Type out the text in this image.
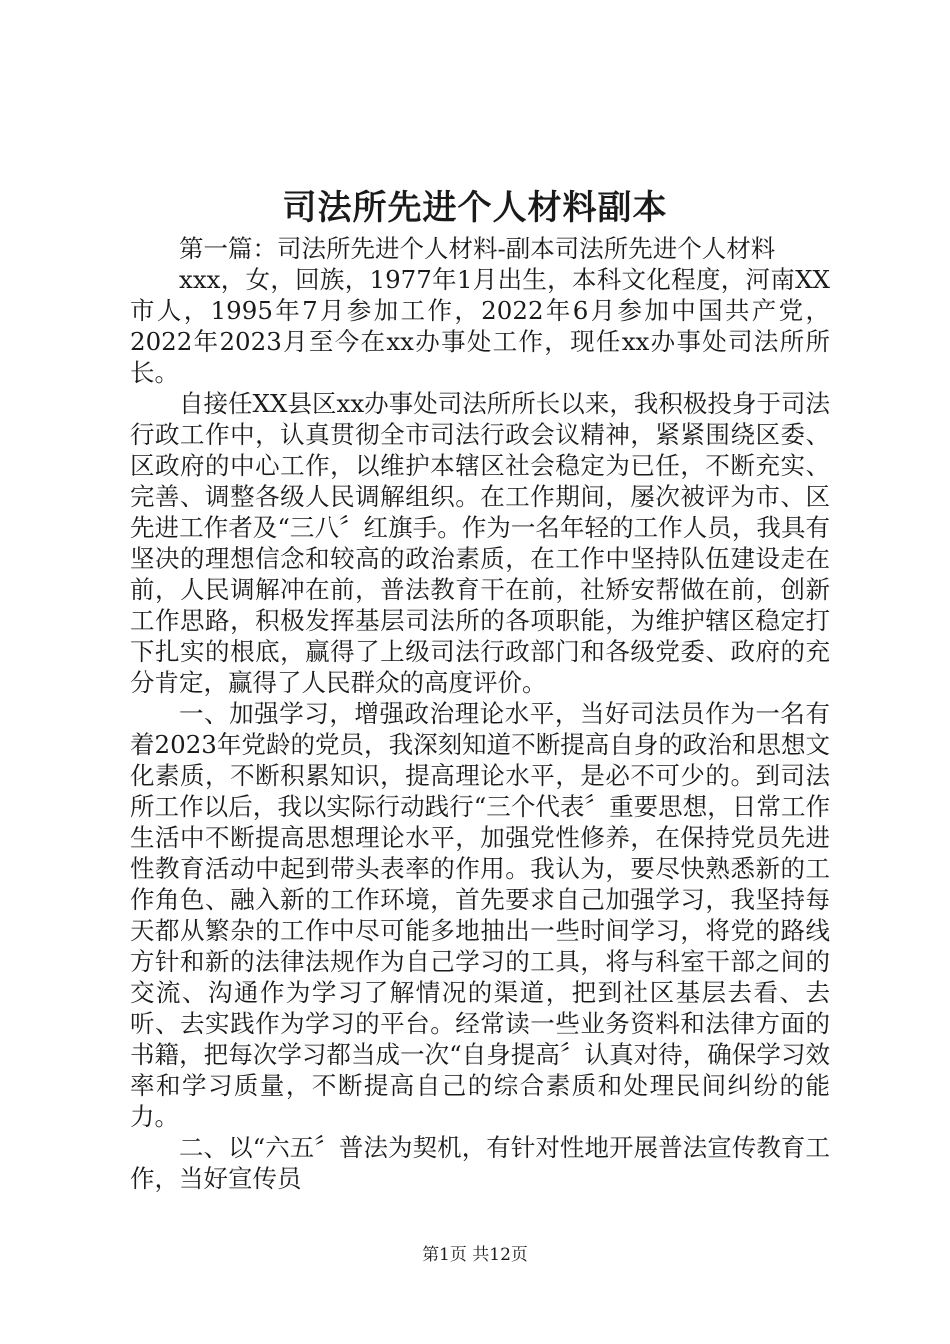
司法所先进个人材料副本

第一篇：司法所先进个人材料-副本司法所先进个人材料

xxx，女，回族，1977年1月出生，本科文化程度，河南XX市人，1995年7月参加工作，2022年6月参加中国共产党，2022年2023月至今在xx办事处工作，现任xx办事处司法所所长。

自接任XX县区xx办事处司法所所长以来，我积极投身于司法行政工作中，认真贯彻全市司法行政会议精神，紧紧围绕区委、区政府的中心工作，以维护本辖区社会稳定为已任，不断充实、完善、调整各级人民调解组织。在工作期间，屡次被评为市、区先进工作者及“三八〞红旗手。作为一名年轻的工作人员，我具有坚决的理想信念和较高的政治素质，在工作中坚持队伍建设走在前，人民调解冲在前，普法教育干在前，社矫安帮做在前，创新工作思路，积极发挥基层司法所的各项职能，为维护辖区稳定打下扎实的根底，赢得了上级司法行政部门和各级党委、政府的充分肯定，赢得了人民群众的高度评价。

一、加强学习，增强政治理论水平，当好司法员作为一名有着2023年党龄的党员，我深刻知道不断提高自身的政治和思想文化素质，不断积累知识，提高理论水平，是必不可少的。到司法所工作以后，我以实际行动践行“三个代表〞重要思想，日常工作生活中不断提高思想理论水平，加强党性修养，在保持党员先进性教育活动中起到带头表率的作用。我认为，要尽快熟悉新的工作角色、融入新的工作环境，首先要求自己加强学习，我坚持每天都从繁杂的工作中尽可能多地抽出一些时间学习，将党的路线方针和新的法律法规作为自己学习的工具，将与科室干部之间的交流、沟通作为学习了解情况的渠道，把到社区基层去看、去听、去实践作为学习的平台。经常读一些业务资料和法律方面的书籍，把每次学习都当成一次“自身提高〞认真对待，确保学习效率和学习质量，不断提高自己的综合素质和处理民间纠纷的能力。

二、以“六五〞普法为契机，有针对性地开展普法宣传教育工作，当好宣传员

第1页 共12页
